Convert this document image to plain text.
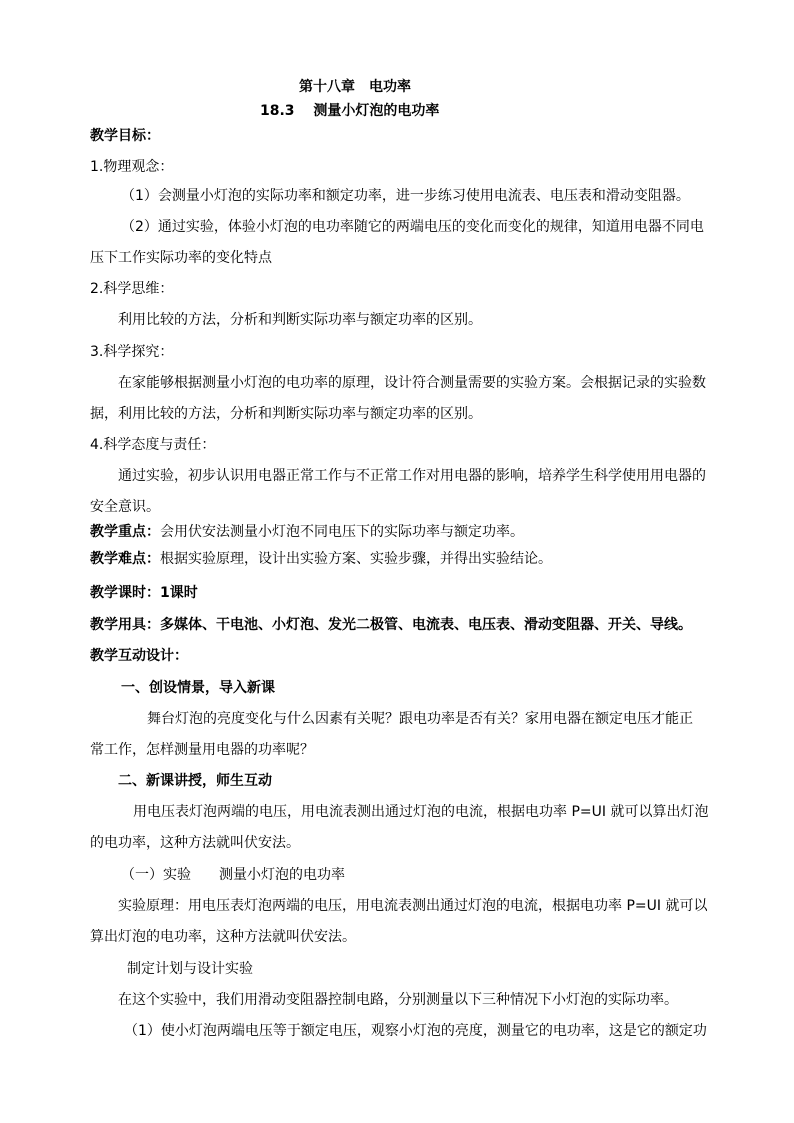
第十八章　电功率
18.3　 测量小灯泡的电功率
教学目标：
1.物理观念：
（1）会测量小灯泡的实际功率和额定功率，进一步练习使用电流表、电压表和滑动变阻器。
（2）通过实验，体验小灯泡的电功率随它的两端电压的变化而变化的规律，知道用电器不同电
压下工作实际功率的变化特点
2.科学思维：
利用比较的方法，分析和判断实际功率与额定功率的区别。
3.科学探究：
在家能够根据测量小灯泡的电功率的原理，设计符合测量需要的实验方案。会根据记录的实验数
据，利用比较的方法，分析和判断实际功率与额定功率的区别。
4.科学态度与责任：
通过实验，初步认识用电器正常工作与不正常工作对用电器的影响，培养学生科学使用用电器的
安全意识。
教学重点：会用伏安法测量小灯泡不同电压下的实际功率与额定功率。
教学难点：根据实验原理，设计出实验方案、实验步骤，并得出实验结论。
教学课时：1课时
教学用具：多媒体、干电池、小灯泡、发光二极管、电流表、电压表、滑动变阻器、开关、导线。
教学互动设计：
一、创设情景，导入新课
舞台灯泡的亮度变化与什么因素有关呢？跟电功率是否有关？家用电器在额定电压才能正
常工作，怎样测量用电器的功率呢？
二、新课讲授，师生互动
用电压表灯泡两端的电压，用电流表测出通过灯泡的电流，根据电功率 P=UI 就可以算出灯泡
的电功率，这种方法就叫伏安法。
（一）实验　　测量小灯泡的电功率
实验原理：用电压表灯泡两端的电压，用电流表测出通过灯泡的电流，根据电功率 P=UI 就可以
算出灯泡的电功率，这种方法就叫伏安法。
制定计划与设计实验
在这个实验中，我们用滑动变阻器控制电路，分别测量以下三种情况下小灯泡的实际功率。
（1）使小灯泡两端电压等于额定电压，观察小灯泡的亮度，测量它的电功率，这是它的额定功
